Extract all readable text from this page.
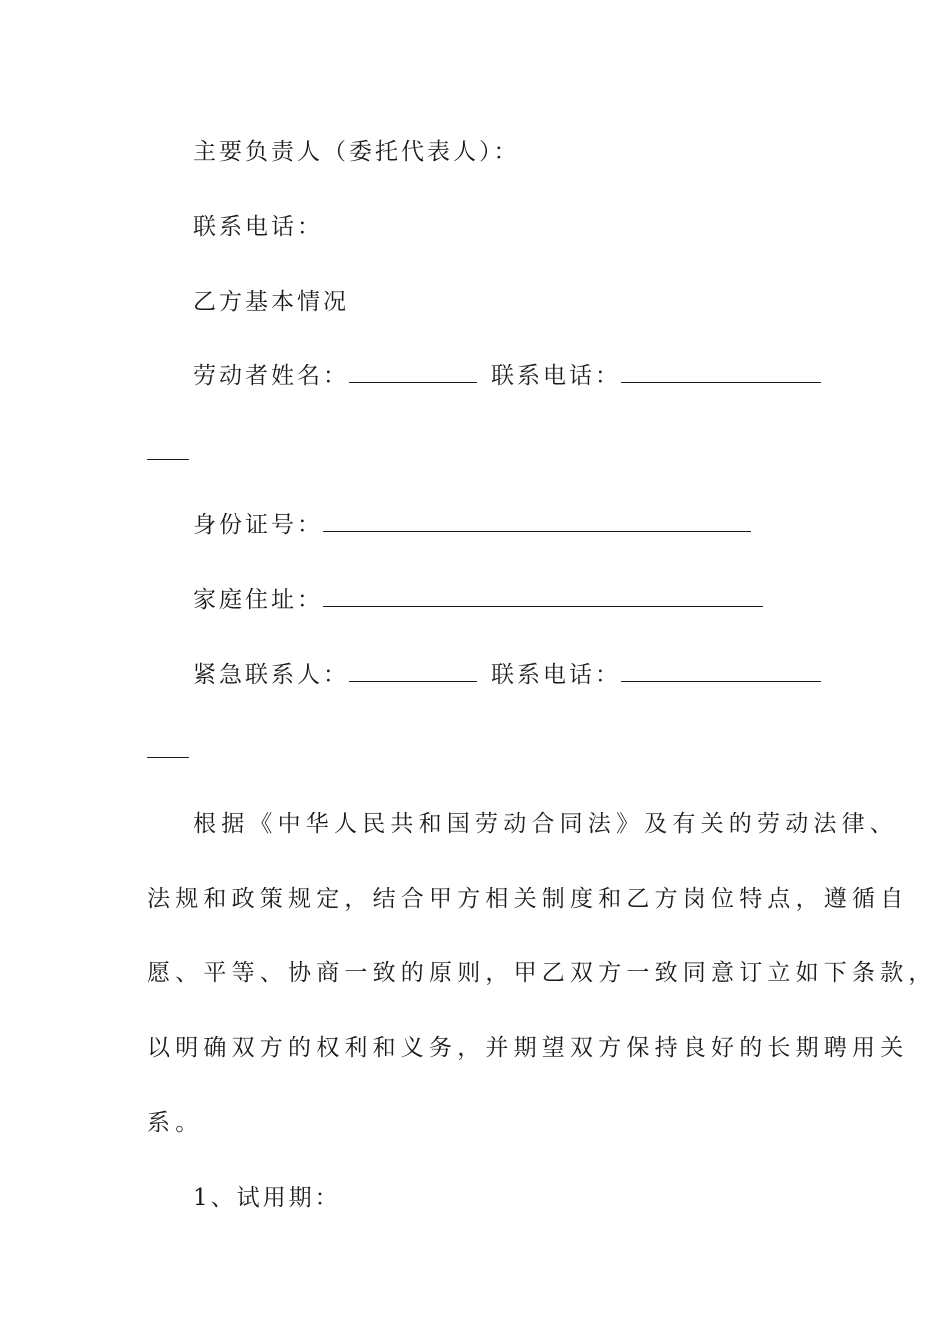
主要负责人（委托代表人）：
联系电话：
乙方基本情况
劳动者姓名：	联系电话：
身份证号：
家庭住址：
紧急联系人：	联系电话：
根据《中华人民共和国劳动合同法》及有关的劳动法律、
法规和政策规定，结合甲方相关制度和乙方岗位特点，遵循自
愿、平等、协商一致的原则，甲乙双方一致同意订立如下条款，
以明确双方的权利和义务，并期望双方保持良好的长期聘用关
系。
1、试用期：
